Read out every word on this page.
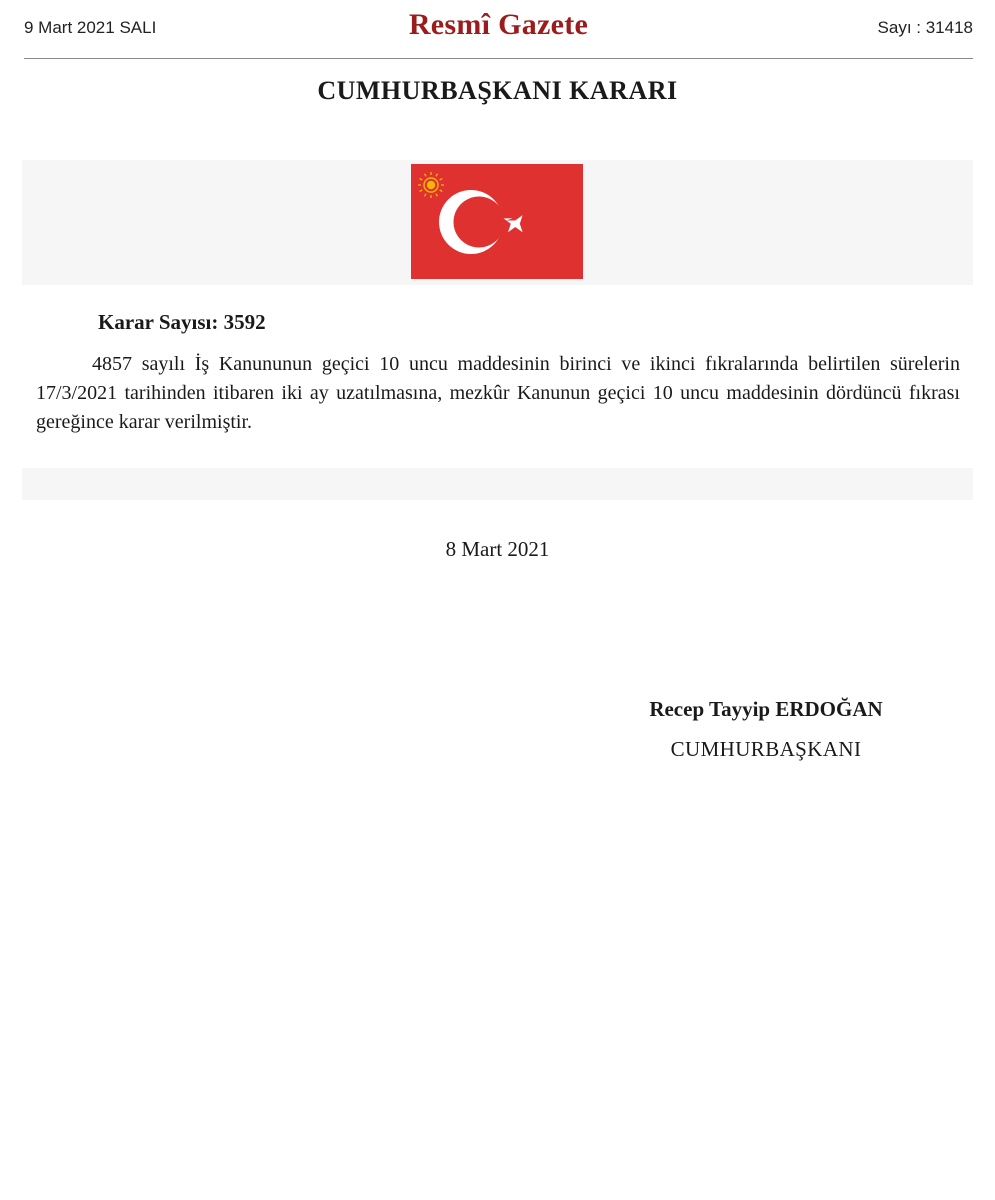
9 Mart 2021 SALI	Resmî Gazete	Sayı : 31418
CUMHURBAŞKANI KARARI
Karar Sayısı: 3592

4857 sayılı İş Kanununun geçici 10 uncu maddesinin birinci ve ikinci fıkralarında belirtilen sürelerin 17/3/2021 tarihinden itibaren iki ay uzatılmasına, mezkûr Kanunun geçici 10 uncu maddesinin dördüncü fıkrası gereğince karar verilmiştir.

8 Mart 2021
Recep Tayyip ERDOĞAN
CUMHURBAŞKANI
